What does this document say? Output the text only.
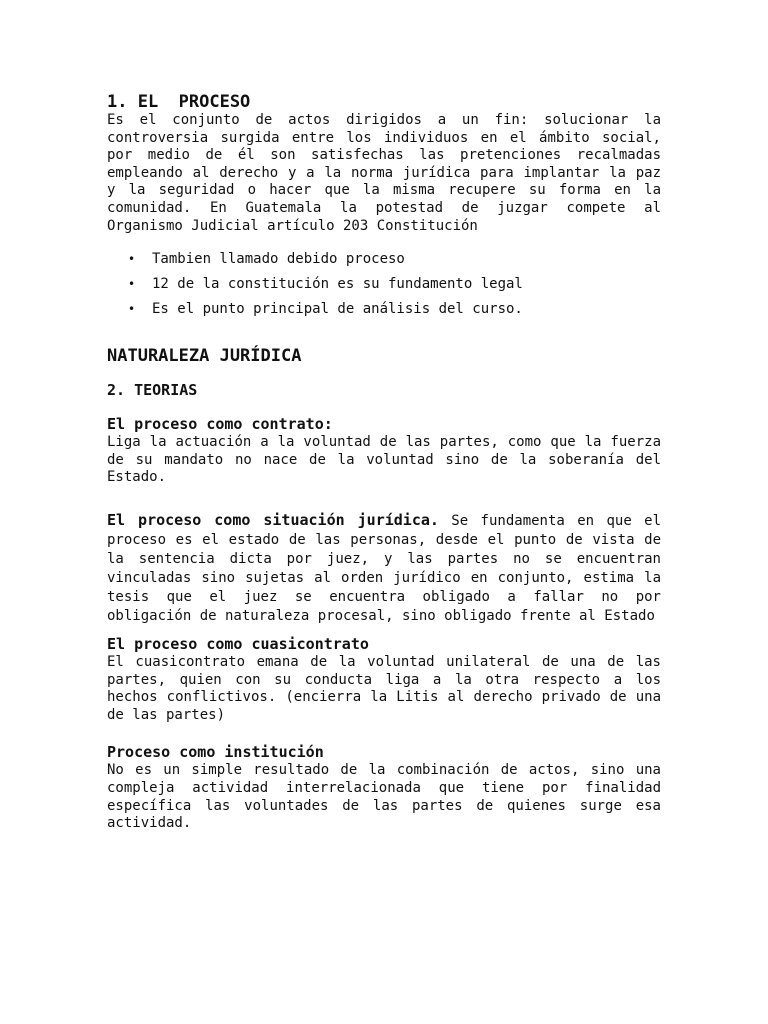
1. EL  PROCESO

Es el conjunto de actos dirigidos a un fin: solucionar la controversia surgida entre los individuos en el ámbito social, por medio de él son satisfechas las pretenciones recalmadas empleando al derecho y a la norma jurídica para implantar la paz y la seguridad o hacer que la misma recupere su forma en la comunidad. En Guatemala la potestad de juzgar compete al Organismo Judicial artículo 203 Constitución

• Tambien llamado debido proceso
• 12 de la constitución es su fundamento legal
• Es el punto principal de análisis del curso.
NATURALEZA JURÍDICA
2. TEORIAS
El proceso como contrato:

Liga la actuación a la voluntad de las partes, como que la fuerza de su mandato no nace de la voluntad sino de la soberanía del Estado.

El proceso como situación jurídica. Se fundamenta en que el proceso es el estado de las personas, desde el punto de vista de la sentencia dicta por juez, y las partes no se encuentran vinculadas sino sujetas al orden jurídico en conjunto, estima la tesis que el juez se encuentra obligado a fallar no por obligación de naturaleza procesal, sino obligado frente al Estado

El proceso como cuasicontrato

El cuasicontrato emana de la voluntad unilateral de una de las partes, quien con su conducta liga a la otra respecto a los hechos conflictivos. (encierra la Litis al derecho privado de una de las partes)

Proceso como institución

No es un simple resultado de la combinación de actos, sino una compleja actividad interrelacionada que tiene por finalidad específica las voluntades de las partes de quienes surge esa actividad.
